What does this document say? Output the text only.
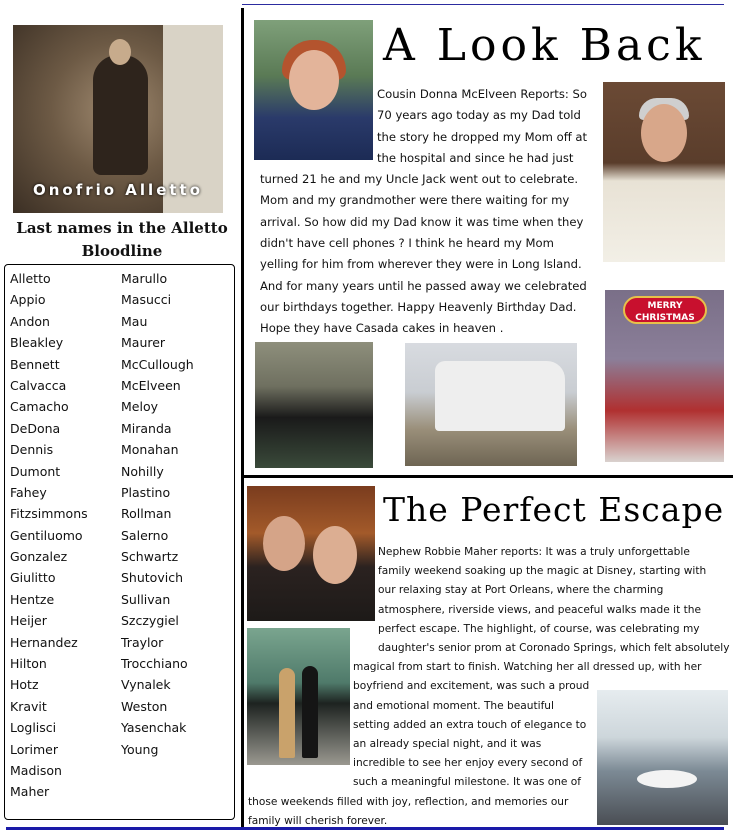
Onofrio Alletto
Last names in the Alletto Bloodline
Alletto
Appio
Andon
Bleakley
Bennett
Calvacca
Camacho
DeDona
Dennis
Dumont
Fahey
Fitzsimmons
Gentiluomo
Gonzalez
Giulitto
Hentze
Heijer
Hernandez
Hilton
Hotz
Kravit
Loglisci
Lorimer
Madison
Maher
Marullo
Masucci
Mau
Maurer
McCullough
McElveen
Meloy
Miranda
Monahan
Nohilly
Plastino
Rollman
Salerno
Schwartz
Shutovich
Sullivan
Szczygiel
Traylor
Trocchiano
Vynalek
Weston
Yasenchak
Young
A Look Back
Cousin Donna McElveen Reports: So
70 years ago today as my Dad told
the story he dropped my Mom off at
the hospital and since he had just
turned 21 he and my Uncle Jack went out to celebrate.
Mom and my grandmother were there waiting for my
arrival. So how did my Dad know it was time when they
didn't have cell phones ? I think he heard my Mom
yelling for him from wherever they were in Long Island.
And for many years until he passed away we celebrated
our birthdays together. Happy Heavenly Birthday Dad.
Hope they have Casada cakes in heaven .
MERRY CHRISTMAS
The Perfect Escape
Nephew Robbie Maher reports: It was a truly unforgettable
family weekend soaking up the magic at Disney, starting with
our relaxing stay at Port Orleans, where the charming
atmosphere, riverside views, and peaceful walks made it the
perfect escape. The highlight, of course, was celebrating my
daughter's senior prom at Coronado Springs, which felt absolutely
magical from start to finish. Watching her all dressed up, with her
boyfriend and excitement, was such a proud
and emotional moment. The beautiful
setting added an extra touch of elegance to
an already special night, and it was
incredible to see her enjoy every second of
such a meaningful milestone. It was one of
those weekends filled with joy, reflection, and memories our
family will cherish forever.
